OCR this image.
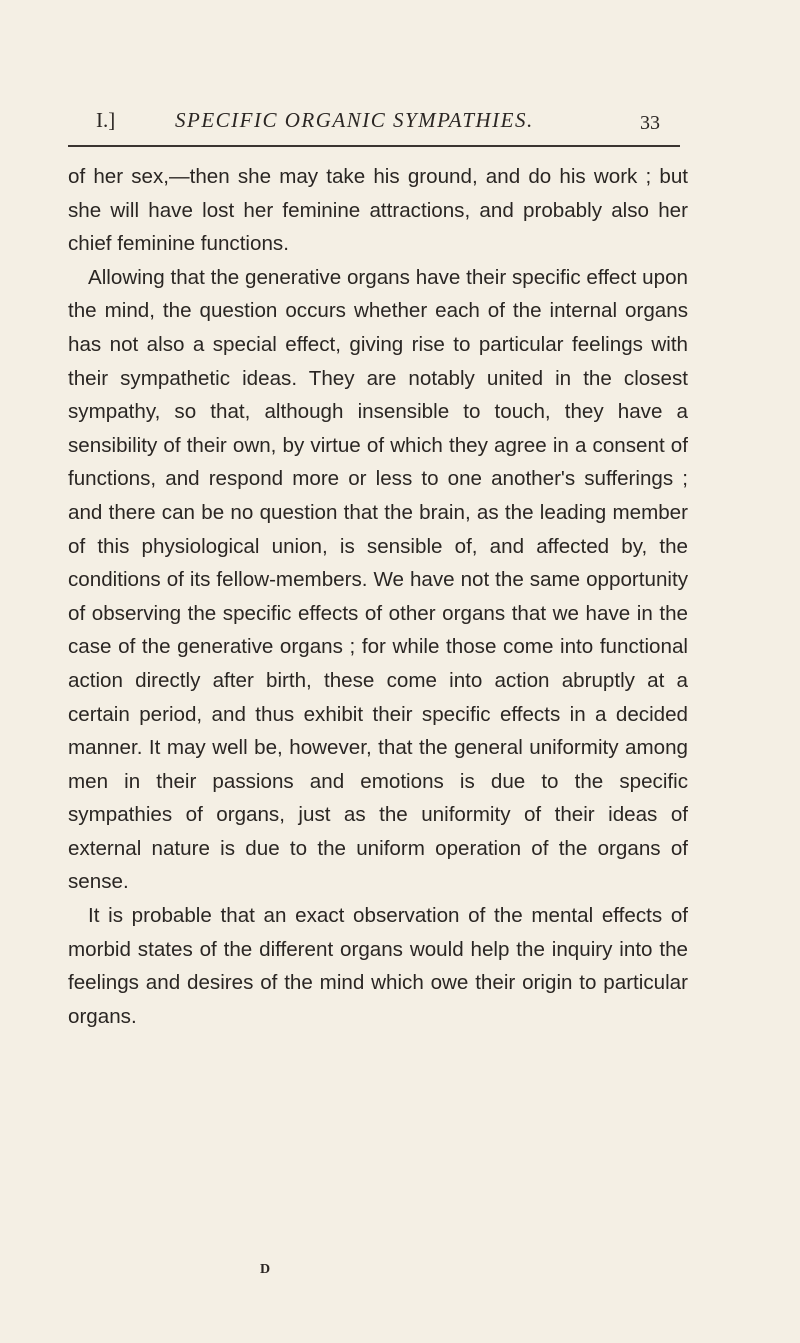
I.]	SPECIFIC ORGANIC SYMPATHIES.	33

of her sex,—then she may take his ground, and do his work ; but she will have lost her feminine attractions, and probably also her chief feminine functions.

Allowing that the generative organs have their specific effect upon the mind, the question occurs whether each of the internal organs has not also a special effect, giving rise to particular feelings with their sympathetic ideas. They are notably united in the closest sympathy, so that, although insensible to touch, they have a sensibility of their own, by virtue of which they agree in a consent of functions, and respond more or less to one another's sufferings ; and there can be no question that the brain, as the leading member of this physiological union, is sensible of, and affected by, the conditions of its fellow-members. We have not the same opportunity of observing the specific effects of other organs that we have in the case of the generative organs ; for while those come into functional action directly after birth, these come into action abruptly at a certain period, and thus exhibit their specific effects in a decided manner. It may well be, however, that the general uniformity among men in their passions and emotions is due to the specific sympathies of organs, just as the uniformity of their ideas of external nature is due to the uniform operation of the organs of sense.

It is probable that an exact observation of the mental effects of morbid states of the different organs would help the inquiry into the feelings and desires of the mind which owe their origin to particular organs.

D
